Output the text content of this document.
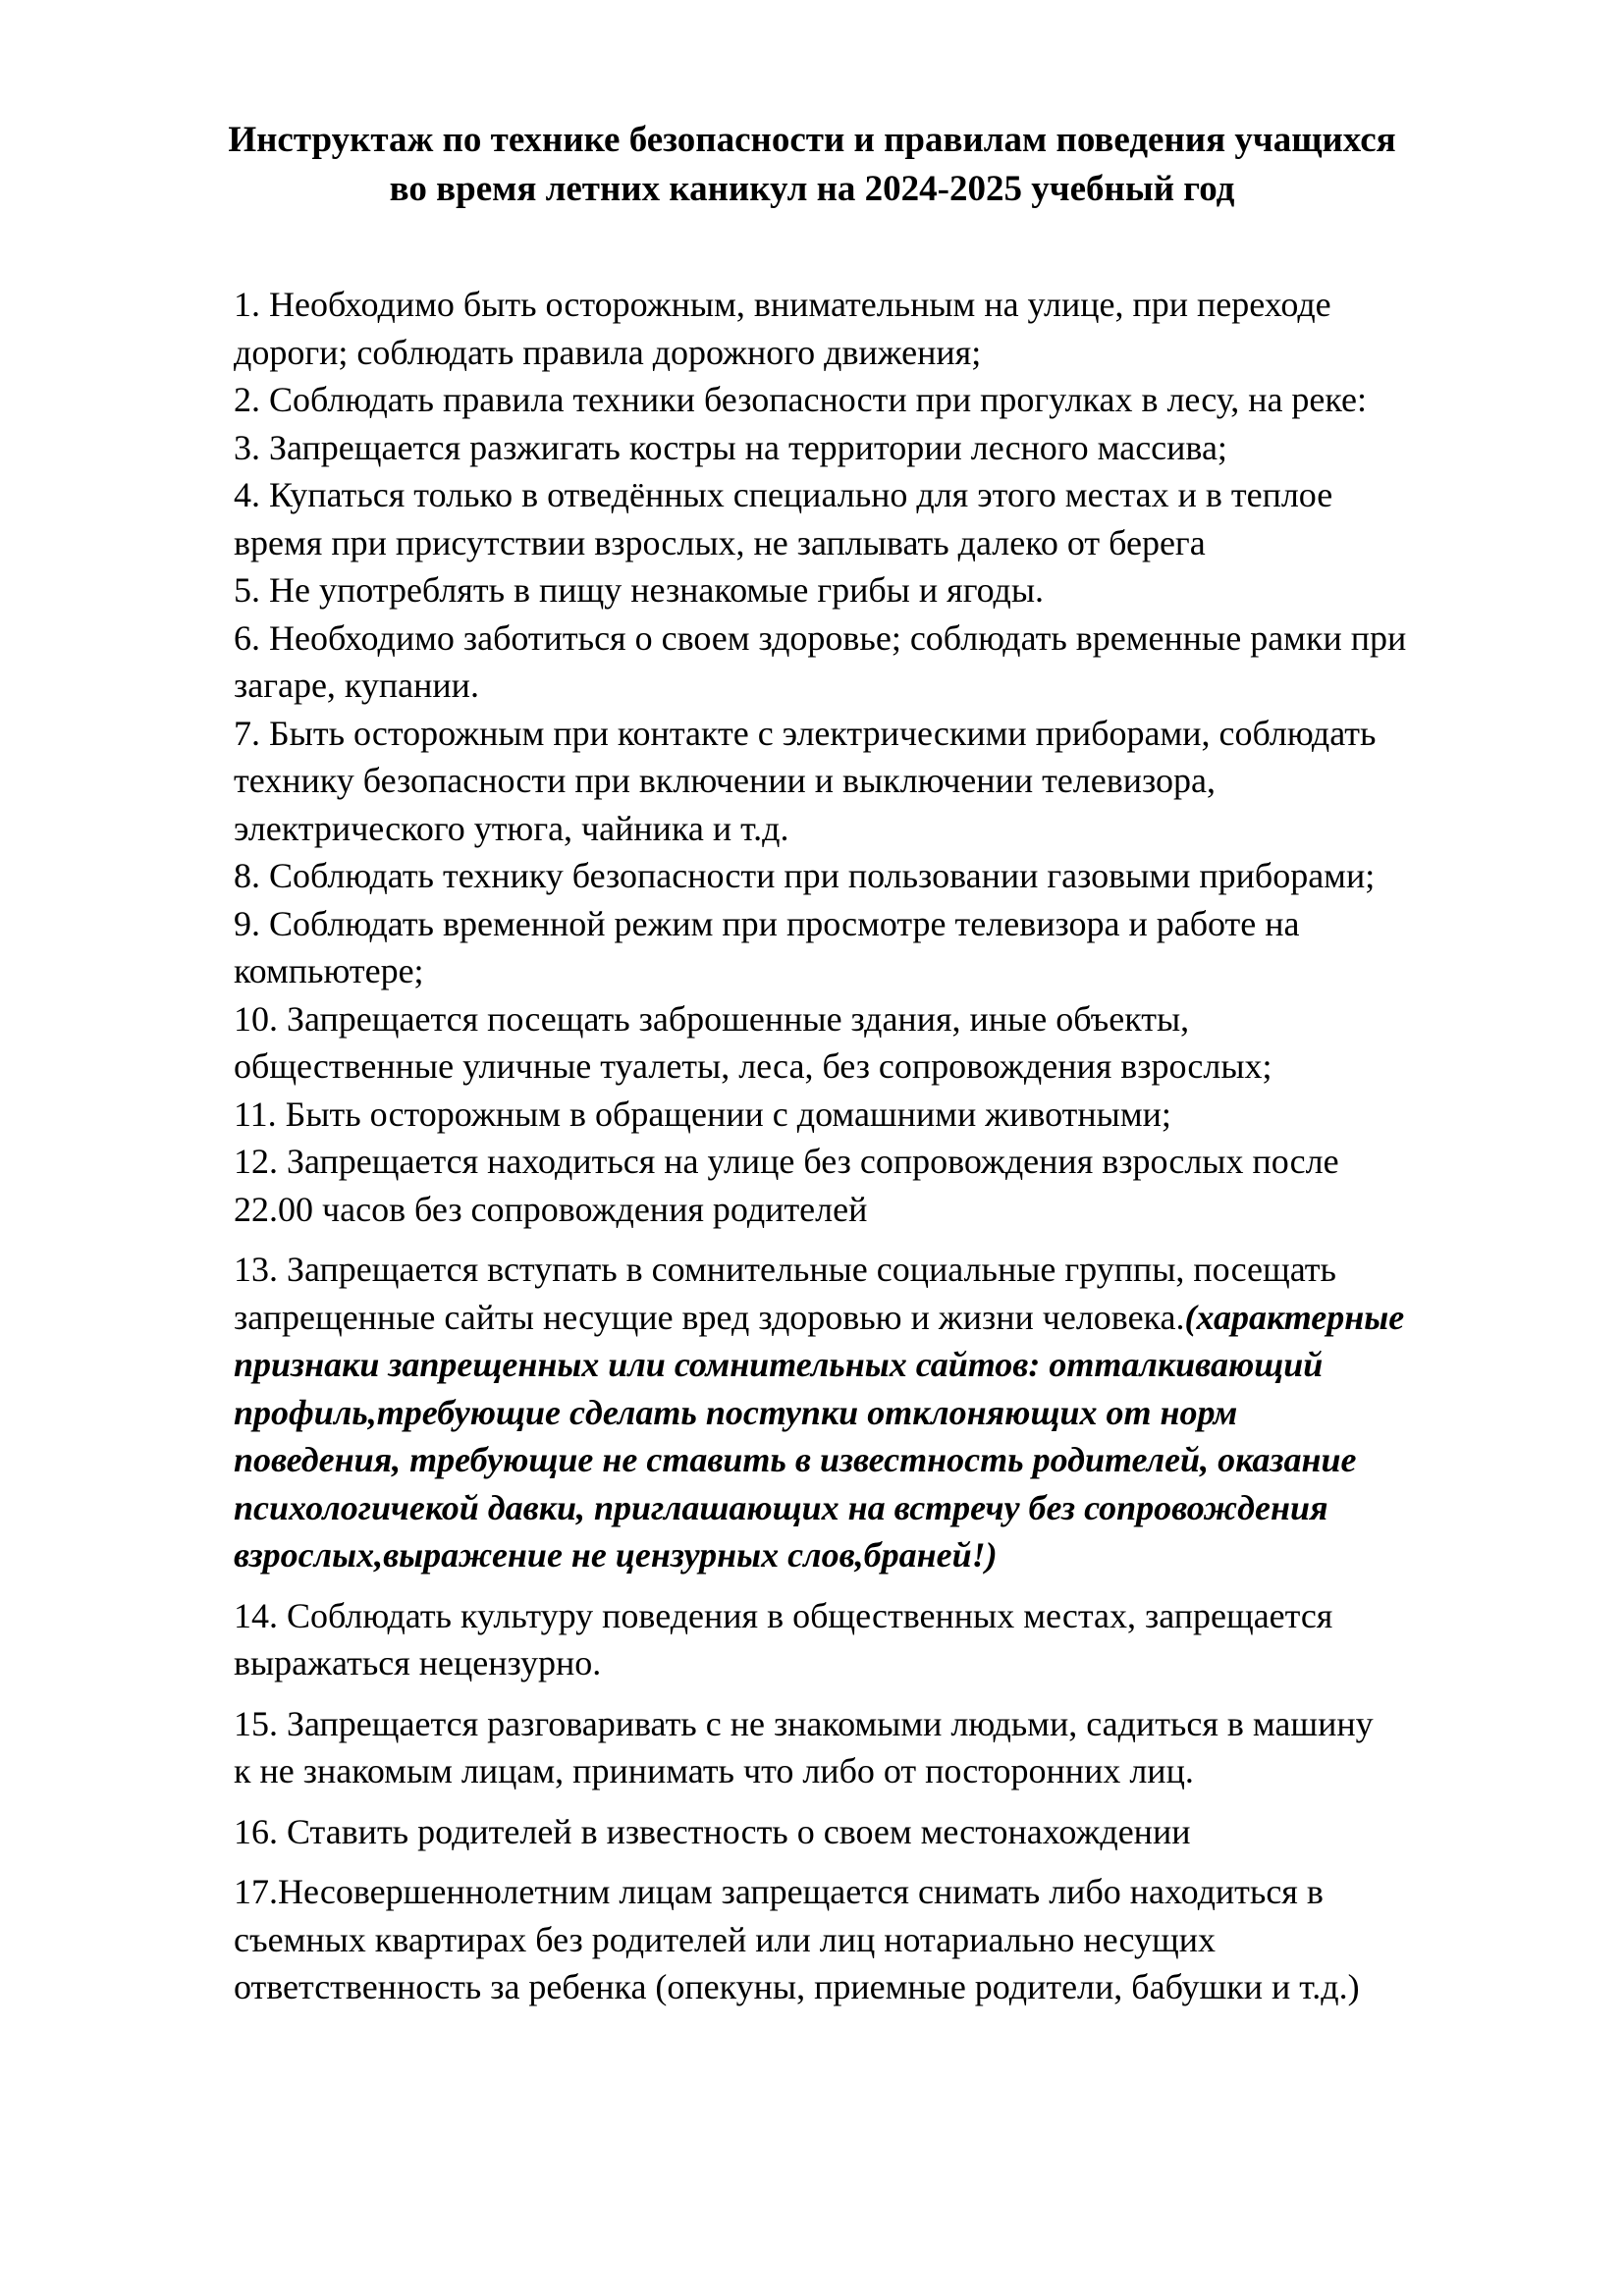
Инструктаж по технике безопасности и правилам поведения учащихся
во время летних каникул на 2024-2025 учебный год
1. Необходимо быть осторожным, внимательным на улице, при переходе
дороги; соблюдать правила дорожного движения;
2. Соблюдать правила техники безопасности при прогулках в лесу, на реке:
3. Запрещается разжигать костры на территории лесного массива;
4. Купаться только в отведённых специально для этого местах и в теплое
время при присутствии взрослых, не заплывать далеко от берега
5. Не употреблять в пищу незнакомые грибы и ягоды.
6. Необходимо заботиться о своем здоровье; соблюдать временные рамки при
загаре, купании.
7. Быть осторожным при контакте с электрическими приборами, соблюдать
технику безопасности при включении и выключении телевизора,
электрического утюга, чайника и т.д.
8. Соблюдать технику безопасности при пользовании газовыми приборами;
9. Соблюдать временной режим при просмотре телевизора и работе на
компьютере;
10. Запрещается посещать заброшенные здания, иные объекты,
общественные уличные туалеты, леса, без сопровождения взрослых;
11. Быть осторожным в обращении с домашними животными;
12. Запрещается находиться на улице без сопровождения взрослых после
22.00 часов без сопровождения родителей
13. Запрещается вступать в сомнительные социальные группы, посещать
запрещенные сайты несущие вред здоровью и жизни человека.(характерные
признаки запрещенных или сомнительных сайтов: отталкивающий
профиль,требующие сделать поступки отклоняющих от норм
поведения, требующие не ставить в известность родителей, оказание
психологичекой давки, приглашающих на встречу без сопровождения
взрослых,выражение не цензурных слов,браней!)
14. Соблюдать культуру поведения в общественных местах, запрещается
выражаться нецензурно.
15. Запрещается разговаривать с не знакомыми людьми, садиться в машину
к не знакомым лицам, принимать что либо от посторонних лиц.
16. Ставить родителей в известность о своем местонахождении
17.Несовершеннолетним лицам запрещается снимать либо находиться в
съемных квартирах без родителей или лиц нотариально несущих
ответственность за ребенка (опекуны, приемные родители, бабушки и т.д.)
